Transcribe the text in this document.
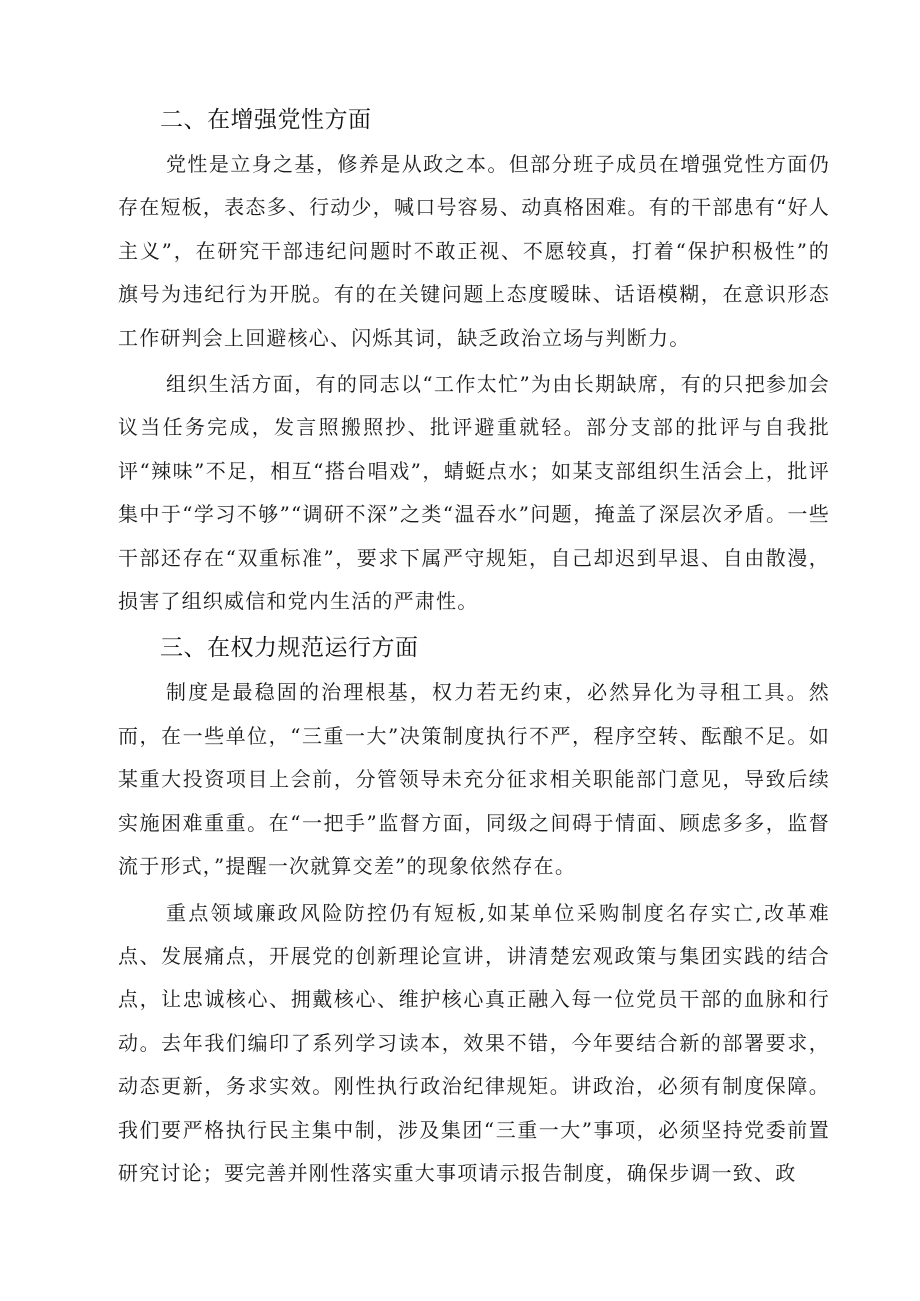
二、在增强党性方面

党性是立身之基，修养是从政之本。但部分班子成员在增强党性方面仍存在短板，表态多、行动少，喊口号容易、动真格困难。有的干部患有“好人主义”，在研究干部违纪问题时不敢正视、不愿较真，打着“保护积极性”的旗号为违纪行为开脱。有的在关键问题上态度暧昧、话语模糊，在意识形态工作研判会上回避核心、闪烁其词，缺乏政治立场与判断力。

组织生活方面，有的同志以“工作太忙”为由长期缺席，有的只把参加会议当任务完成，发言照搬照抄、批评避重就轻。部分支部的批评与自我批评“辣味”不足，相互“搭台唱戏”，蜻蜓点水；如某支部组织生活会上，批评集中于“学习不够”“调研不深”之类“温吞水”问题，掩盖了深层次矛盾。一些干部还存在“双重标准”，要求下属严守规矩，自己却迟到早退、自由散漫，损害了组织威信和党内生活的严肃性。

三、在权力规范运行方面

制度是最稳固的治理根基，权力若无约束，必然异化为寻租工具。然而，在一些单位，“三重一大”决策制度执行不严，程序空转、酝酿不足。如某重大投资项目上会前，分管领导未充分征求相关职能部门意见，导致后续实施困难重重。在“一把手”监督方面，同级之间碍于情面、顾虑多多，监督流于形式，”提醒一次就算交差”的现象依然存在。

重点领域廉政风险防控仍有短板,如某单位采购制度名存实亡,改革难点、发展痛点，开展党的创新理论宣讲，讲清楚宏观政策与集团实践的结合点，让忠诚核心、拥戴核心、维护核心真正融入每一位党员干部的血脉和行动。去年我们编印了系列学习读本，效果不错，今年要结合新的部署要求，动态更新，务求实效。刚性执行政治纪律规矩。讲政治，必须有制度保障。我们要严格执行民主集中制，涉及集团“三重一大”事项，必须坚持党委前置研究讨论；要完善并刚性落实重大事项请示报告制度，确保步调一致、政
